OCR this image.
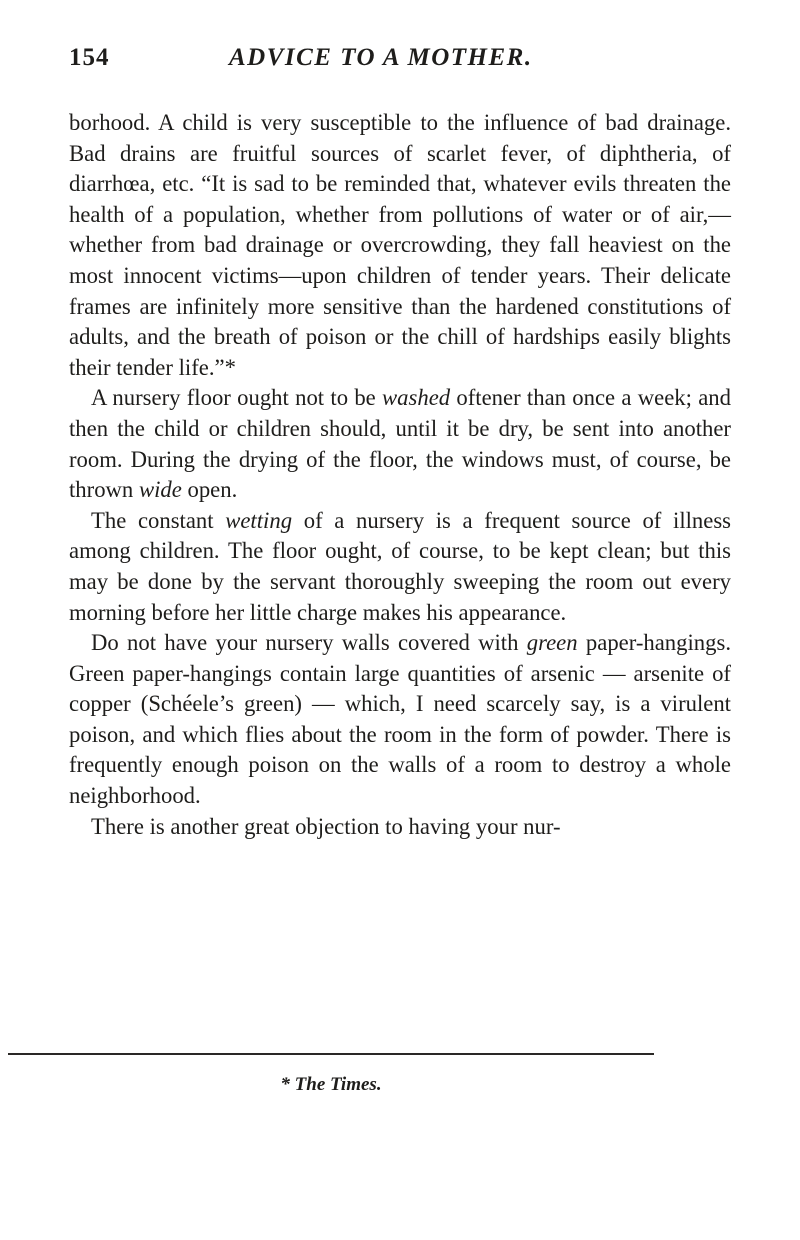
154	ADVICE TO A MOTHER.

borhood. A child is very susceptible to the influence of bad drainage. Bad drains are fruitful sources of scarlet fever, of diphtheria, of diarrhœa, etc. “It is sad to be reminded that, whatever evils threaten the health of a population, whether from pollutions of water or of air,—whether from bad drainage or overcrowding, they fall heaviest on the most innocent victims—upon children of tender years. Their delicate frames are infinitely more sensitive than the hardened constitutions of adults, and the breath of poison or the chill of hardships easily blights their tender life.”*

A nursery floor ought not to be washed oftener than once a week; and then the child or children should, until it be dry, be sent into another room. During the drying of the floor, the windows must, of course, be thrown wide open.

The constant wetting of a nursery is a frequent source of illness among children. The floor ought, of course, to be kept clean; but this may be done by the servant thoroughly sweeping the room out every morning before her little charge makes his appearance.

Do not have your nursery walls covered with green paper-hangings. Green paper-hangings contain large quantities of arsenic — arsenite of copper (Schéele’s green) — which, I need scarcely say, is a virulent poison, and which flies about the room in the form of powder. There is frequently enough poison on the walls of a room to destroy a whole neighborhood.

There is another great objection to having your nur-

* The Times.
